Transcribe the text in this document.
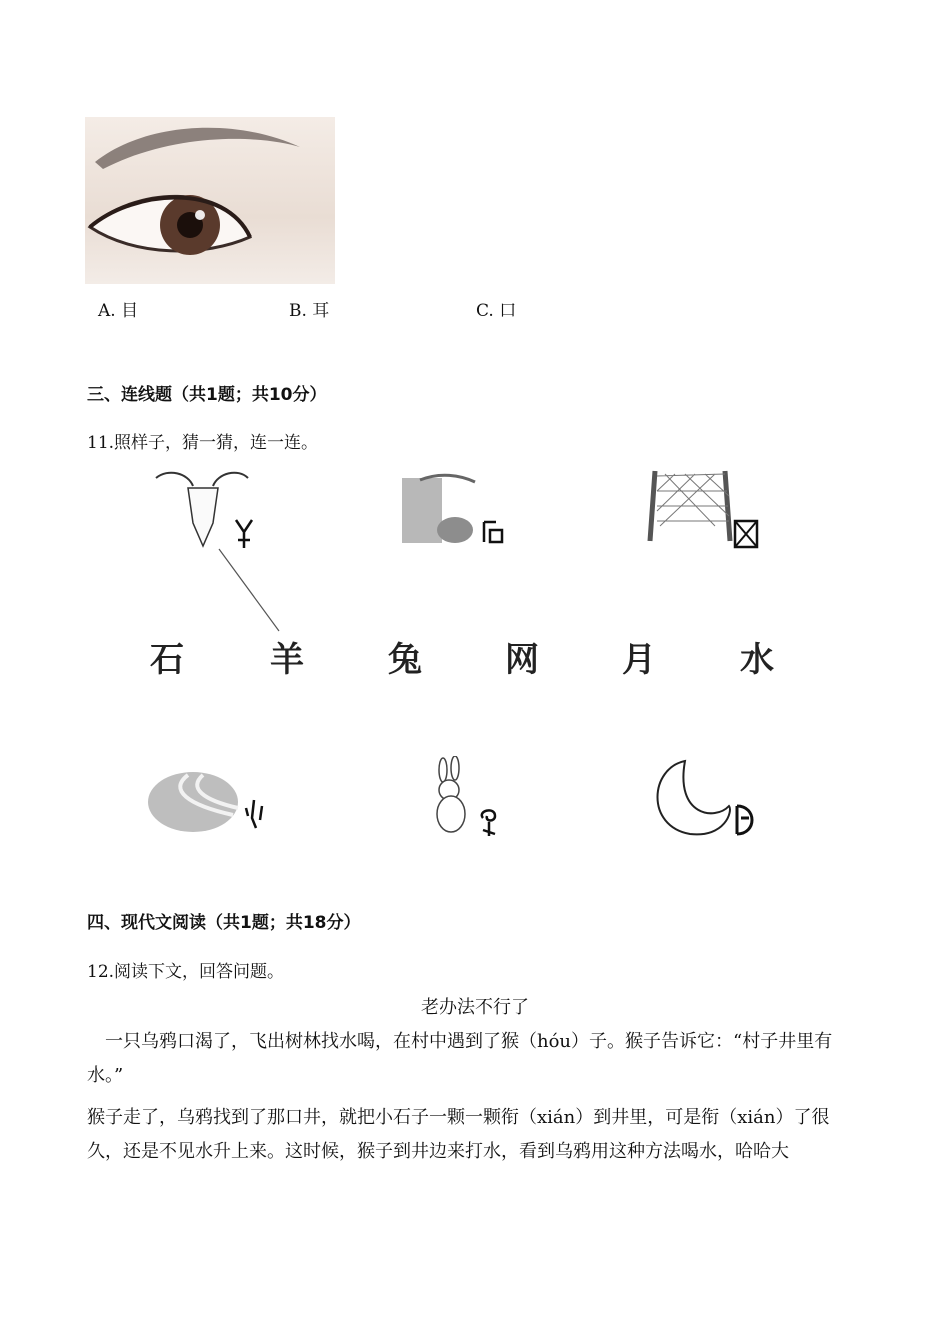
A. 目	B. 耳	C. 口
三、连线题（共1题；共10分）
11.照样子，猜一猜，连一连。
石	羊 兔 网 月 水
四、现代文阅读（共1题；共18分）
12.阅读下文，回答问题。
老办法不行了
　一只乌鸦口渴了，飞出树林找水喝，在村中遇到了猴（hóu）子。猴子告诉它：“村子井里有水。”
猴子走了，乌鸦找到了那口井，就把小石子一颗一颗衔（xián）到井里，可是衔（xián）了很久，还是不见水升上来。这时候，猴子到井边来打水，看到乌鸦用这种方法喝水，哈哈大
